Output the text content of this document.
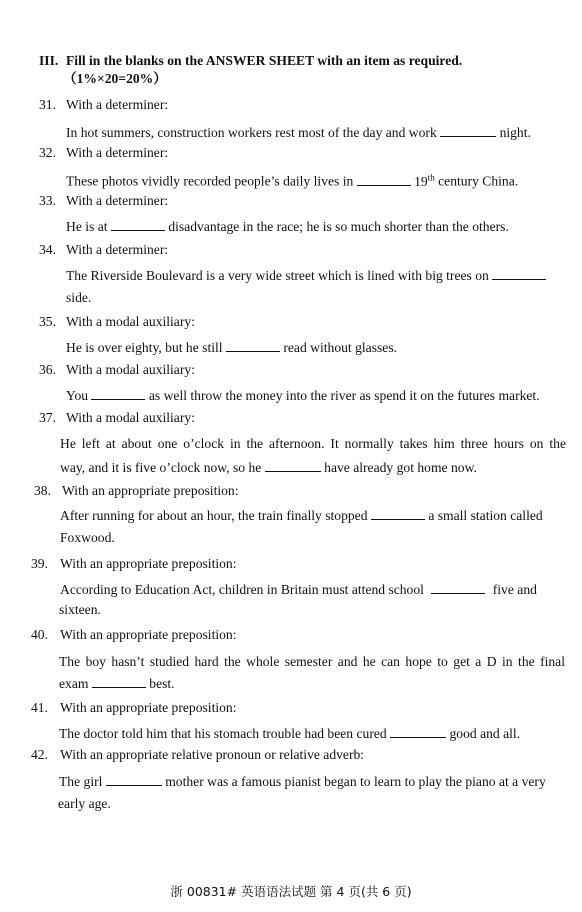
III. Fill in the blanks on the ANSWER SHEET with an item as required.
（1%×20=20%）
31. With a determiner:
In hot summers, construction workers rest most of the day and work	night.
32. With a determiner:
These photos vividly recorded people’s daily lives in	19th century China.
33. With a determiner:
He is at	disadvantage in the race; he is so much shorter than the others.
34. With a determiner:
The Riverside Boulevard is a very wide street which is lined with big trees on
side.
35. With a modal auxiliary:
He is over eighty, but he still	read without glasses.
36. With a modal auxiliary:
You	as well throw the money into the river as spend it on the futures market.
37. With a modal auxiliary:
He left at about one o’clock in the afternoon. It normally takes him three hours on the
way, and it is five o’clock now, so he	have already got home now.
38. With an appropriate preposition:
After running for about an hour, the train finally stopped	a small station called
Foxwood.
39. With an appropriate preposition:
According to Education Act, children in Britain must attend school	five and
sixteen.
40. With an appropriate preposition:
The boy hasn’t studied hard the whole semester and he can hope to get a D in the final
exam	best.
41. With an appropriate preposition:
The doctor told him that his stomach trouble had been cured	good and all.
42. With an appropriate relative pronoun or relative adverb:
The girl	mother was a famous pianist began to learn to play the piano at a very
early age.
浙 00831# 英语语法试题 第 4 页(共 6 页)
